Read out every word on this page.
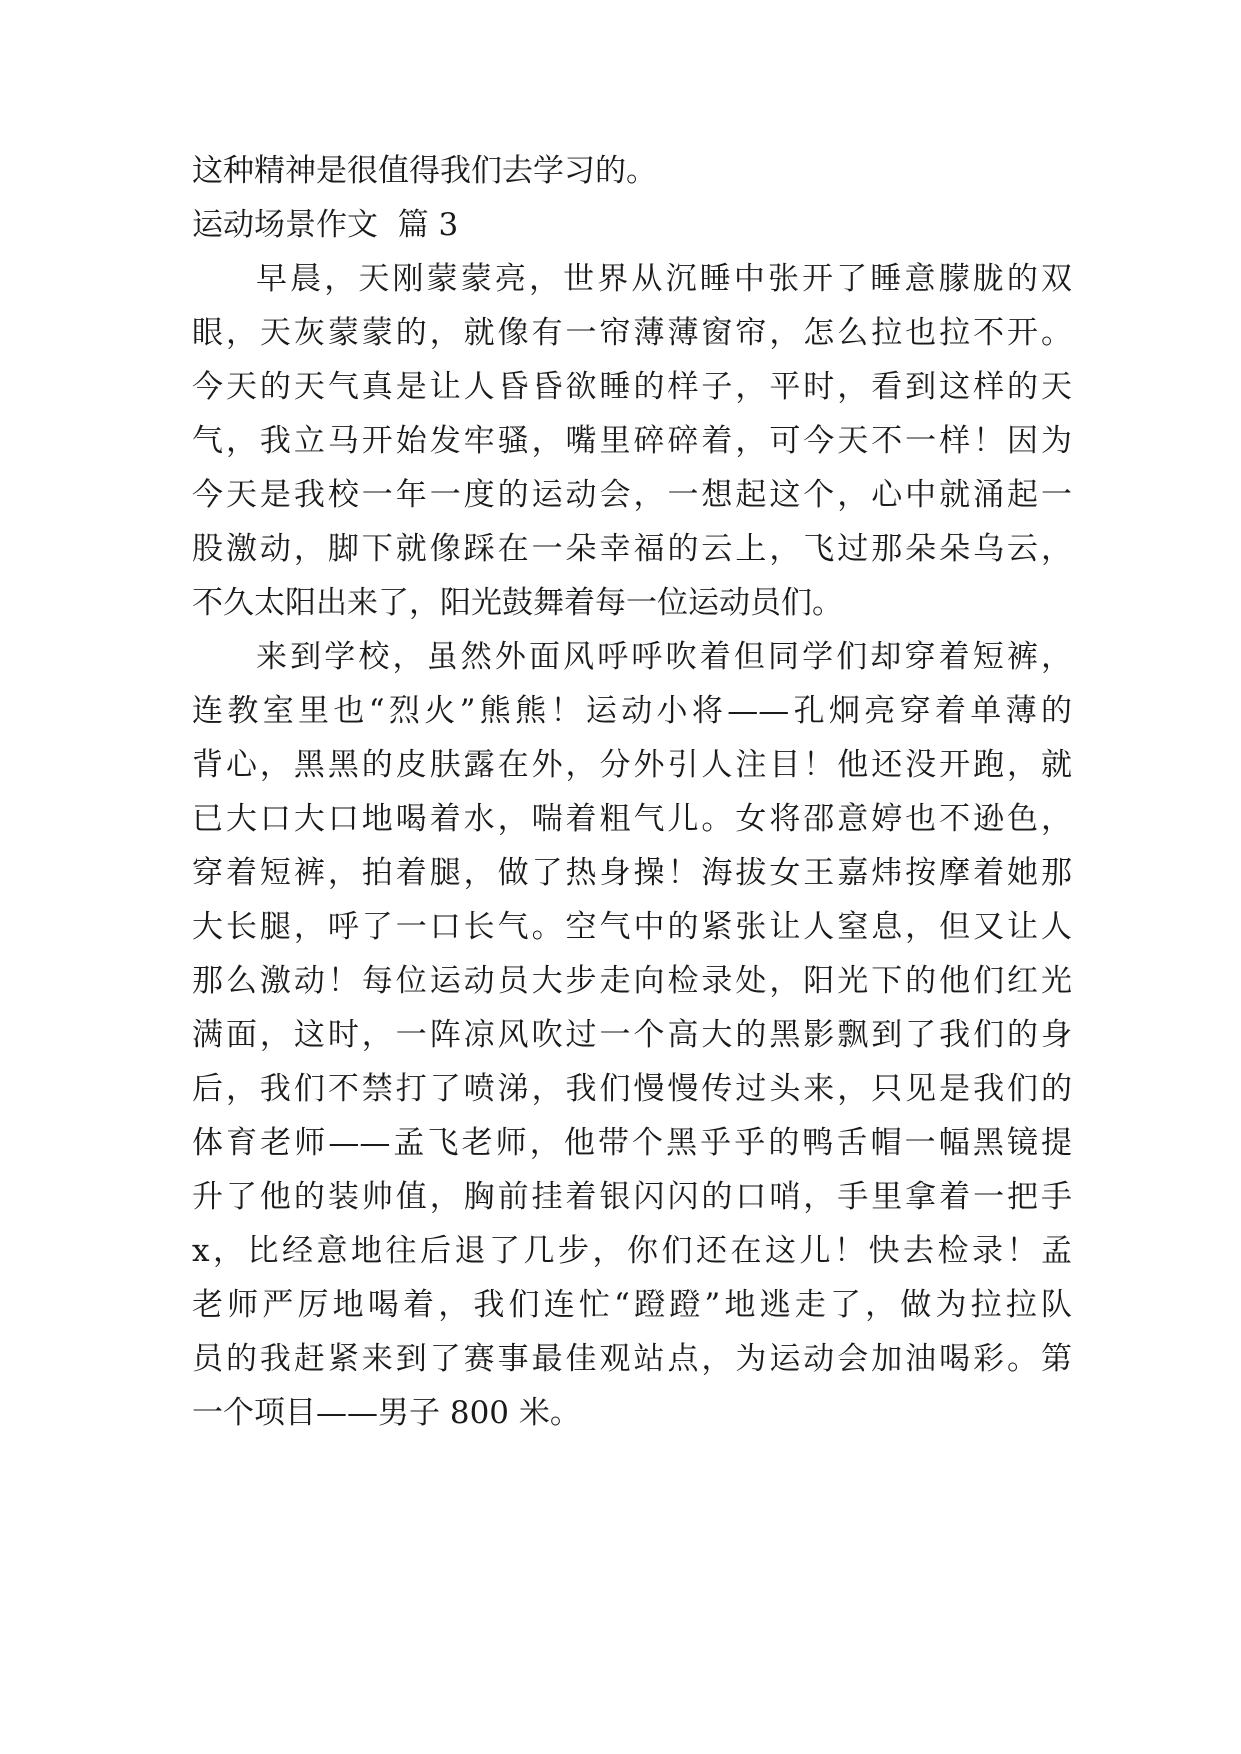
这种精神是很值得我们去学习的。
运动场景作文  篇 3
早晨，天刚蒙蒙亮，世界从沉睡中张开了睡意朦胧的双
眼，天灰蒙蒙的，就像有一帘薄薄窗帘，怎么拉也拉不开。
今天的天气真是让人昏昏欲睡的样子，平时，看到这样的天
气，我立马开始发牢骚，嘴里碎碎着，可今天不一样！因为
今天是我校一年一度的运动会，一想起这个，心中就涌起一
股激动，脚下就像踩在一朵幸福的云上，飞过那朵朵乌云，
不久太阳出来了，阳光鼓舞着每一位运动员们。
来到学校，虽然外面风呼呼吹着但同学们却穿着短裤，
连教室里也“烈火”熊熊！运动小将——孔炯亮穿着单薄的
背心，黑黑的皮肤露在外，分外引人注目！他还没开跑，就
已大口大口地喝着水，喘着粗气儿。女将邵意婷也不逊色，
穿着短裤，拍着腿，做了热身操！海拔女王嘉炜按摩着她那
大长腿，呼了一口长气。空气中的紧张让人窒息，但又让人
那么激动！每位运动员大步走向检录处，阳光下的他们红光
满面，这时，一阵凉风吹过一个高大的黑影飘到了我们的身
后，我们不禁打了喷涕，我们慢慢传过头来，只见是我们的
体育老师——孟飞老师，他带个黑乎乎的鸭舌帽一幅黑镜提
升了他的装帅值，胸前挂着银闪闪的口哨，手里拿着一把手
x，比经意地往后退了几步，你们还在这儿！快去检录！孟
老师严厉地喝着，我们连忙“蹬蹬”地逃走了，做为拉拉队
员的我赶紧来到了赛事最佳观站点，为运动会加油喝彩。第
一个项目——男子 800 米。
